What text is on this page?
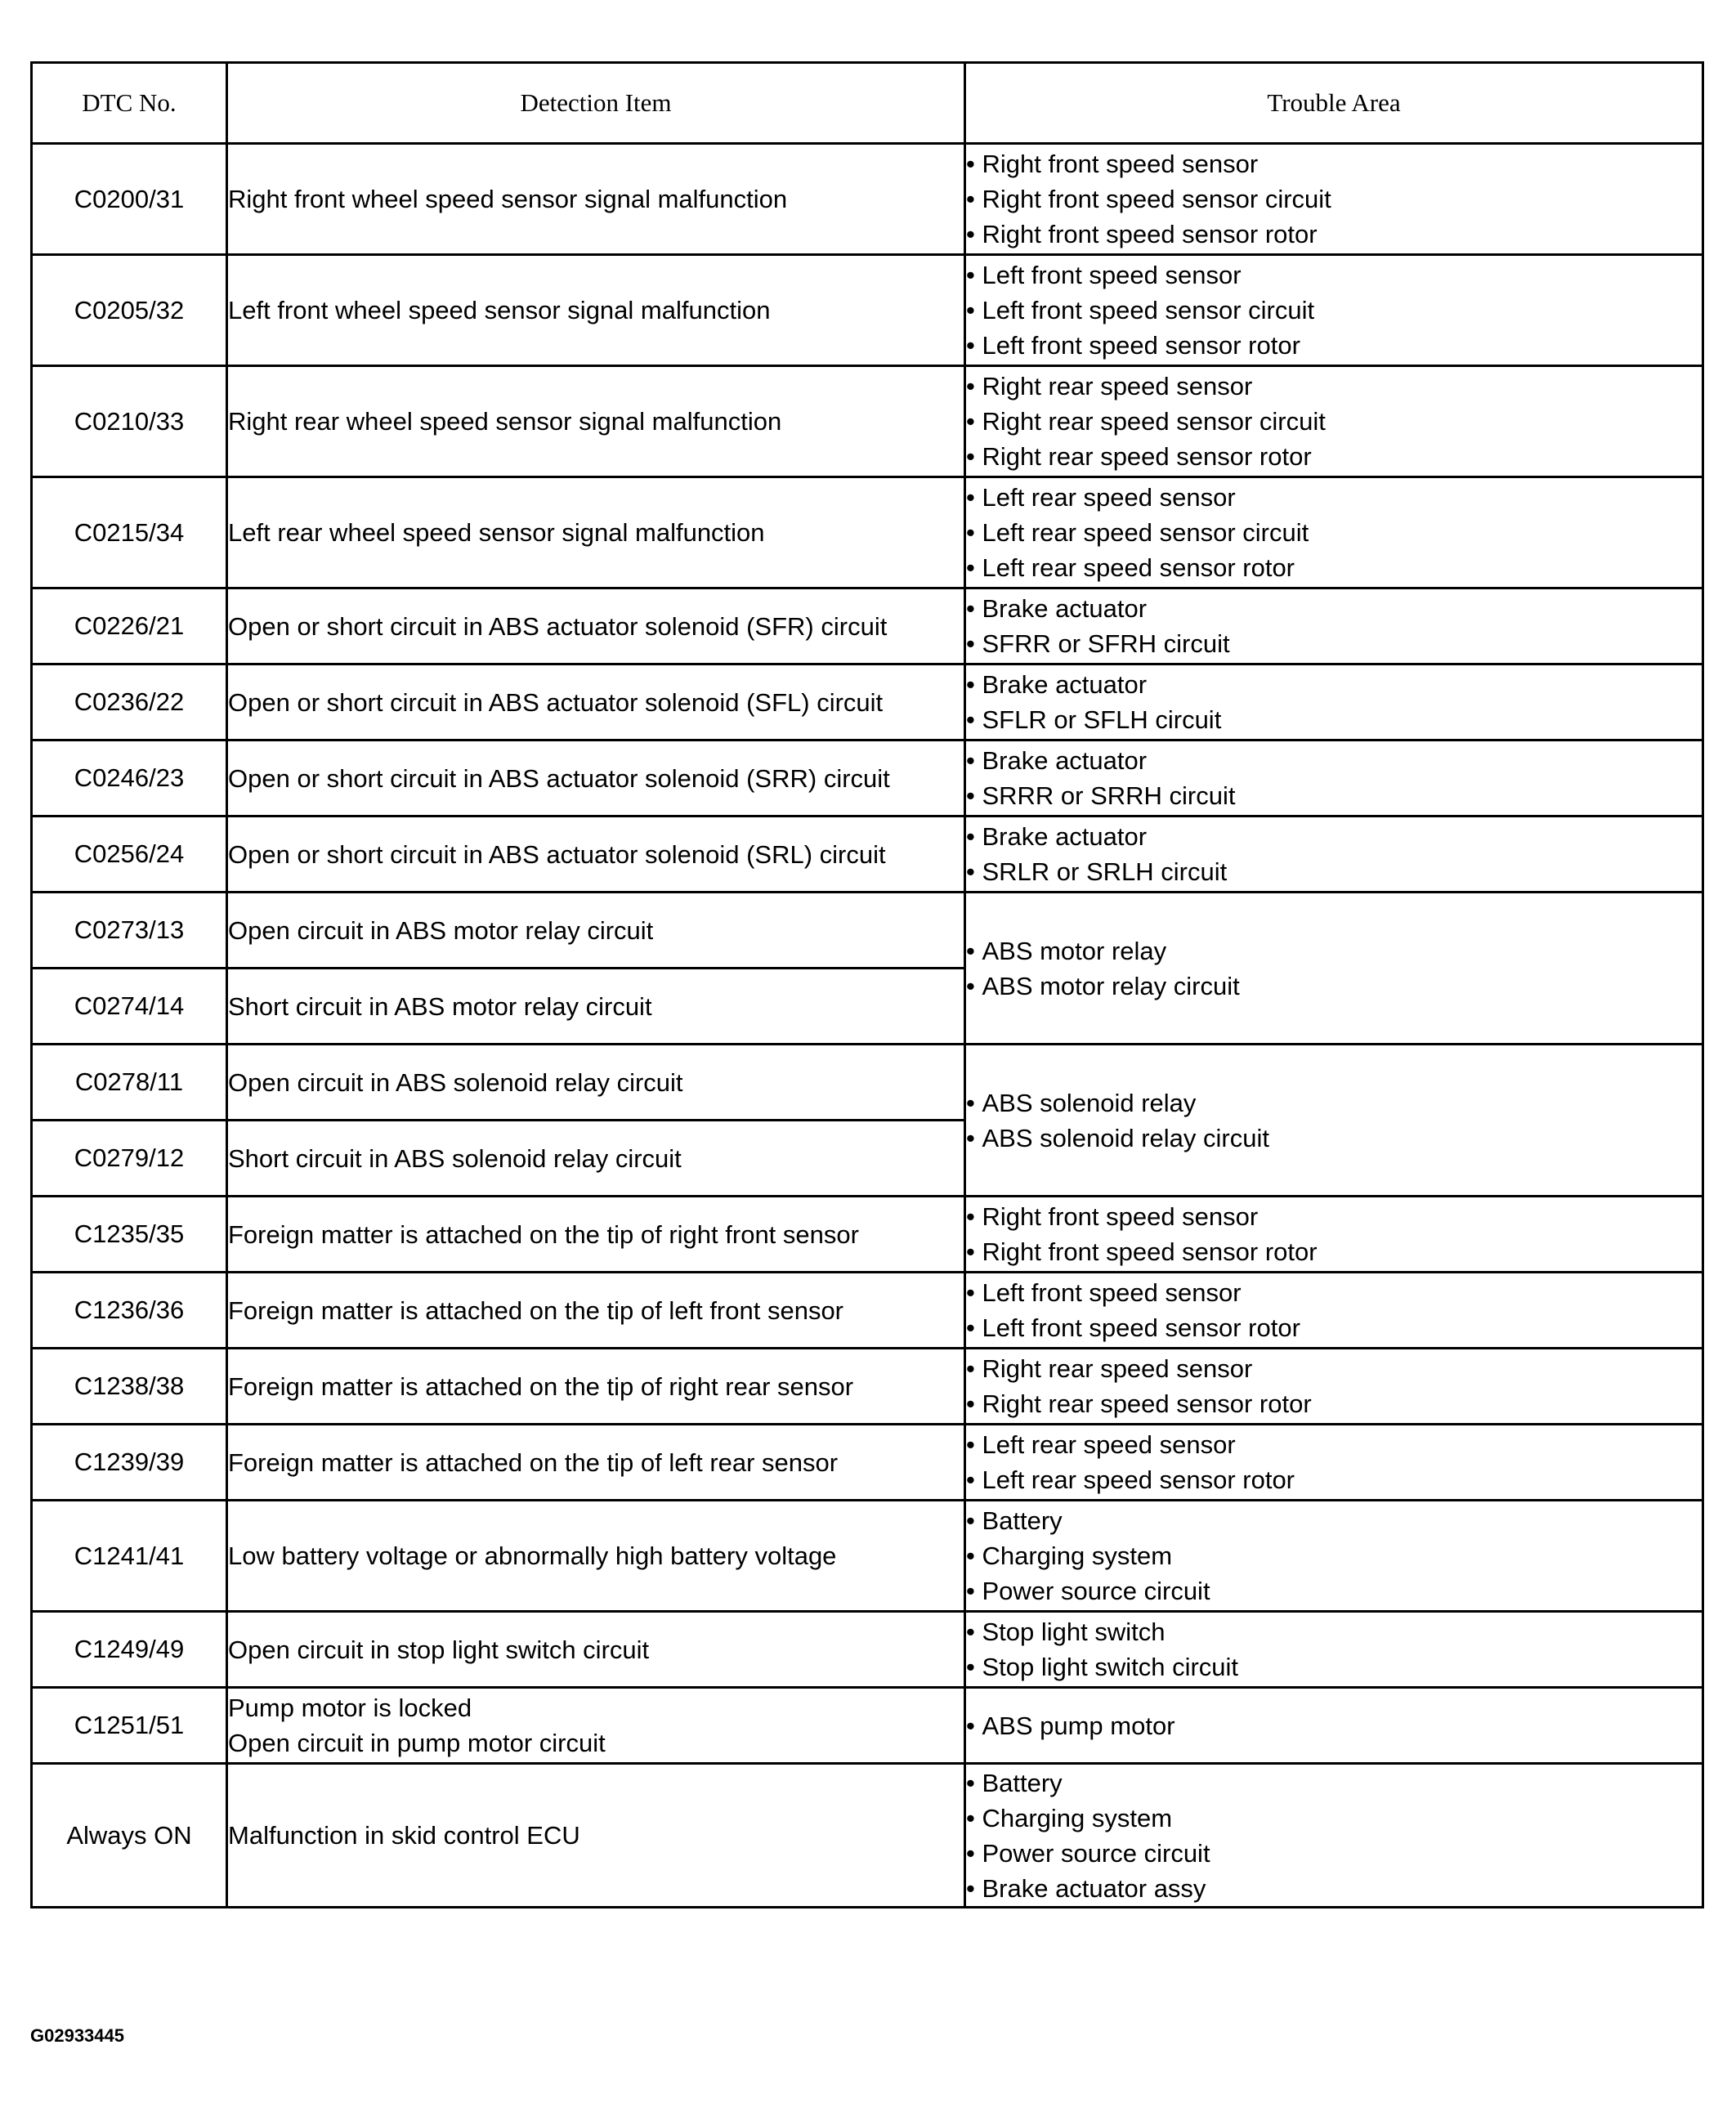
DTC No.	Detection Item	Trouble Area
C0200/31	Right front wheel speed sensor signal malfunction	• Right front speed sensor
• Right front speed sensor circuit
• Right front speed sensor rotor

C0205/32	Left front wheel speed sensor signal malfunction	• Left front speed sensor
• Left front speed sensor circuit
• Left front speed sensor rotor

C0210/33	Right rear wheel speed sensor signal malfunction	• Right rear speed sensor
• Right rear speed sensor circuit
• Right rear speed sensor rotor

C0215/34	Left rear wheel speed sensor signal malfunction	• Left rear speed sensor
• Left rear speed sensor circuit
• Left rear speed sensor rotor

C0226/21	Open or short circuit in ABS actuator solenoid (SFR) circuit	• Brake actuator
• SFRR or SFRH circuit

C0236/22	Open or short circuit in ABS actuator solenoid (SFL) circuit	• Brake actuator
• SFLR or SFLH circuit

C0246/23	Open or short circuit in ABS actuator solenoid (SRR) circuit	• Brake actuator
• SRRR or SRRH circuit

C0256/24	Open or short circuit in ABS actuator solenoid (SRL) circuit	• Brake actuator
• SRLR or SRLH circuit

C0273/13	Open circuit in ABS motor relay circuit	• ABS motor relay
• ABS motor relay circuit

C0274/14	Short circuit in ABS motor relay circuit	

C0278/11	Open circuit in ABS solenoid relay circuit	• ABS solenoid relay
• ABS solenoid relay circuit

C0279/12	Short circuit in ABS solenoid relay circuit	

C1235/35	Foreign matter is attached on the tip of right front sensor	• Right front speed sensor
• Right front speed sensor rotor

C1236/36	Foreign matter is attached on the tip of left front sensor	• Left front speed sensor
• Left front speed sensor rotor

C1238/38	Foreign matter is attached on the tip of right rear sensor	• Right rear speed sensor
• Right rear speed sensor rotor

C1239/39	Foreign matter is attached on the tip of left rear sensor	• Left rear speed sensor
• Left rear speed sensor rotor

C1241/41	Low battery voltage or abnormally high battery voltage	• Battery
• Charging system
• Power source circuit

C1249/49	Open circuit in stop light switch circuit	• Stop light switch
• Stop light switch circuit

C1251/51	Pump motor is locked
Open circuit in pump motor circuit	• ABS pump motor

Always ON	Malfunction in skid control ECU	• Battery
• Charging system
• Power source circuit
• Brake actuator assy
G02933445
